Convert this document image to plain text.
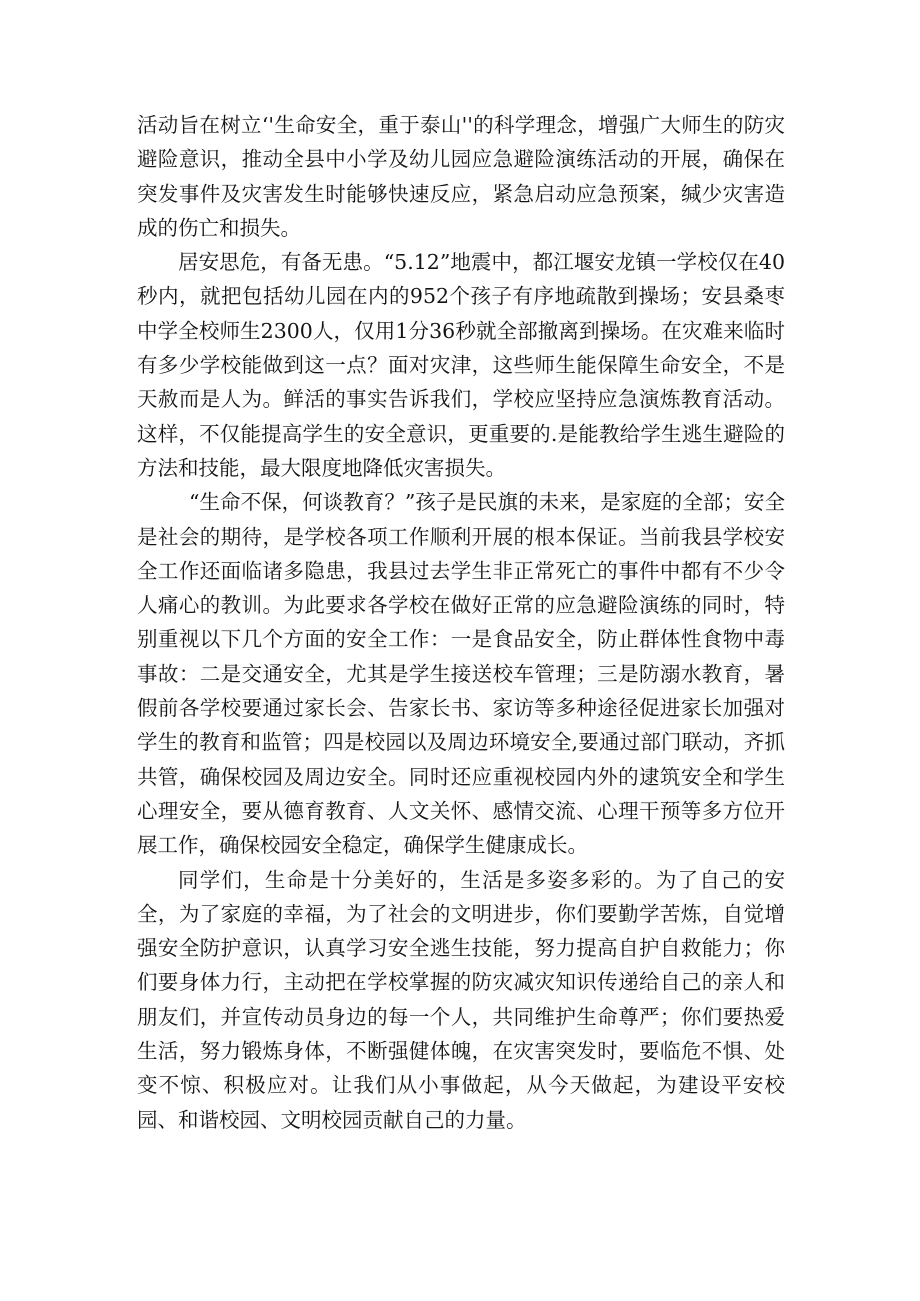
活动旨在树立‘'生命安全，重于泰山''的科学理念，增强广大师生的防灾避险意识，推动全县中小学及幼儿园应急避险演练活动的开展，确保在突发事件及灾害发生时能够快速反应，紧急启动应急预案，缄少灾害造成的伤亡和损失。

居安思危，有备无患。“5.12”地震中，都江堰安龙镇一学校仅在40秒内，就把包括幼儿园在内的952个孩子有序地疏散到操场；安县桑枣中学全校师生2300人，仅用1分36秒就全部撤离到操场。在灾难来临时有多少学校能做到这一点？面对灾津，这些师生能保障生命安全，不是天赦而是人为。鲜活的事实告诉我们，学校应坚持应急演炼教育活动。这样，不仅能提高学生的安全意识，更重要的.是能教给学生逃生避险的方法和技能，最大限度地降低灾害损失。

“生命不保，何谈教育？”孩子是民旗的未来，是家庭的全部；安全是社会的期待，是学校各项工作顺利开展的根本保证。当前我县学校安全工作还面临诸多隐患，我县过去学生非正常死亡的事件中都有不少令人痛心的教训。为此要求各学校在做好正常的应急避险演练的同时，特别重视以下几个方面的安全工作：一是食品安全，防止群体性食物中毒事故：二是交通安全，尤其是学生接送校车管理；三是防溺水教育，暑假前各学校要通过家长会、告家长书、家访等多种途径促进家长加强对学生的教育和监管；四是校园以及周边环境安全,要通过部门联动，齐抓共管，确保校园及周边安全。同时还应重视校园内外的逮筑安全和学生心理安全，要从德育教育、人文关怀、感情交流、心理干预等多方位开展工作，确保校园安全稳定，确保学生健康成长。

同学们，生命是十分美好的，生活是多姿多彩的。为了自己的安全，为了家庭的幸福，为了社会的文明进步，你们要勤学苦炼，自觉增强安全防护意识，认真学习安全逃生技能，努力提高自护自救能力；你们要身体力行，主动把在学校掌握的防灾减灾知识传递给自己的亲人和朋友们，并宣传动员身边的每一个人，共同维护生命尊严；你们要热爱生活，努力锻炼身体，不断强健体魄，在灾害突发时，要临危不惧、处变不惊、积极应对。让我们从小事做起，从今天做起，为建设平安校园、和谐校园、文明校园贡献自己的力量。
